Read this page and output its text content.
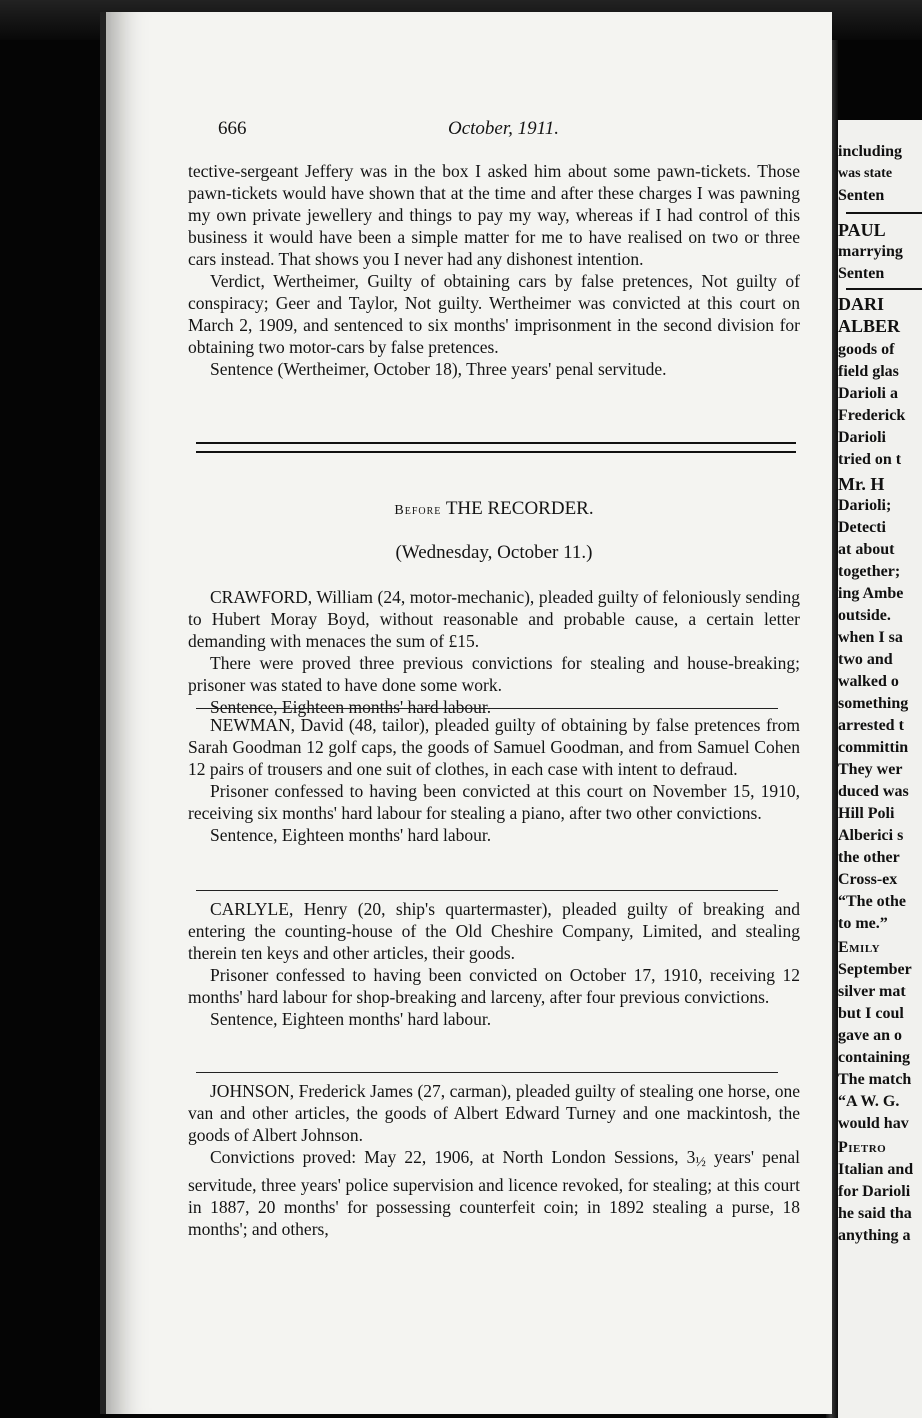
666	October, 1911.

tective-sergeant Jeffery was in the box I asked him about some pawn-tickets. Those pawn-tickets would have shown that at the time and after these charges I was pawning my own private jewellery and things to pay my way, whereas if I had control of this business it would have been a simple matter for me to have realised on two or three cars instead. That shows you I never had any dishonest intention.

Verdict, Wertheimer, Guilty of obtaining cars by false pretences, Not guilty of conspiracy; Geer and Taylor, Not guilty. Wertheimer was convicted at this court on March 2, 1909, and sentenced to six months' imprisonment in the second division for obtaining two motor-cars by false pretences.

Sentence (Wertheimer, October 18), Three years' penal servitude.

Before THE RECORDER.
(Wednesday, October 11.)

CRAWFORD, William (24, motor-mechanic), pleaded guilty of feloniously sending to Hubert Moray Boyd, without reasonable and probable cause, a certain letter demanding with menaces the sum of £15.

There were proved three previous convictions for stealing and house-breaking; prisoner was stated to have done some work.

Sentence, Eighteen months' hard labour.

NEWMAN, David (48, tailor), pleaded guilty of obtaining by false pretences from Sarah Goodman 12 golf caps, the goods of Samuel Goodman, and from Samuel Cohen 12 pairs of trousers and one suit of clothes, in each case with intent to defraud.

Prisoner confessed to having been convicted at this court on November 15, 1910, receiving six months' hard labour for stealing a piano, after two other convictions.

Sentence, Eighteen months' hard labour.

CARLYLE, Henry (20, ship's quartermaster), pleaded guilty of breaking and entering the counting-house of the Old Cheshire Company, Limited, and stealing therein ten keys and other articles, their goods.

Prisoner confessed to having been convicted on October 17, 1910, receiving 12 months' hard labour for shop-breaking and larceny, after four previous convictions.

Sentence, Eighteen months' hard labour.

JOHNSON, Frederick James (27, carman), pleaded guilty of stealing one horse, one van and other articles, the goods of Albert Edward Turney and one mackintosh, the goods of Albert Johnson.

Convictions proved: May 22, 1906, at North London Sessions, $3_{\frac{1}{2}}$ years' penal servitude, three years' police supervision and licence revoked, for stealing; at this court in 1887, 20 months' for possessing counterfeit coin; in 1892 stealing a purse, 18 months'; and others,

including
was state
Senten
PAUL
marrying
Senten
DARI
ALBER
goods of
field glas
Darioli a
Frederick
Darioli
tried on t
Mr. H
Darioli;
Detecti
at about
together;
ing Ambe
outside.
when I sa
two and
walked o
something
arrested t
committin
They wer
duced was
Hill Poli
Alberici s
the other
Cross-ex
“The othe
to me.”
Emily
September
silver mat
but I coul
gave an o
containing
The match
“A W. G.
would hav
Pietro
Italian and
for Darioli
he said tha
anything a
